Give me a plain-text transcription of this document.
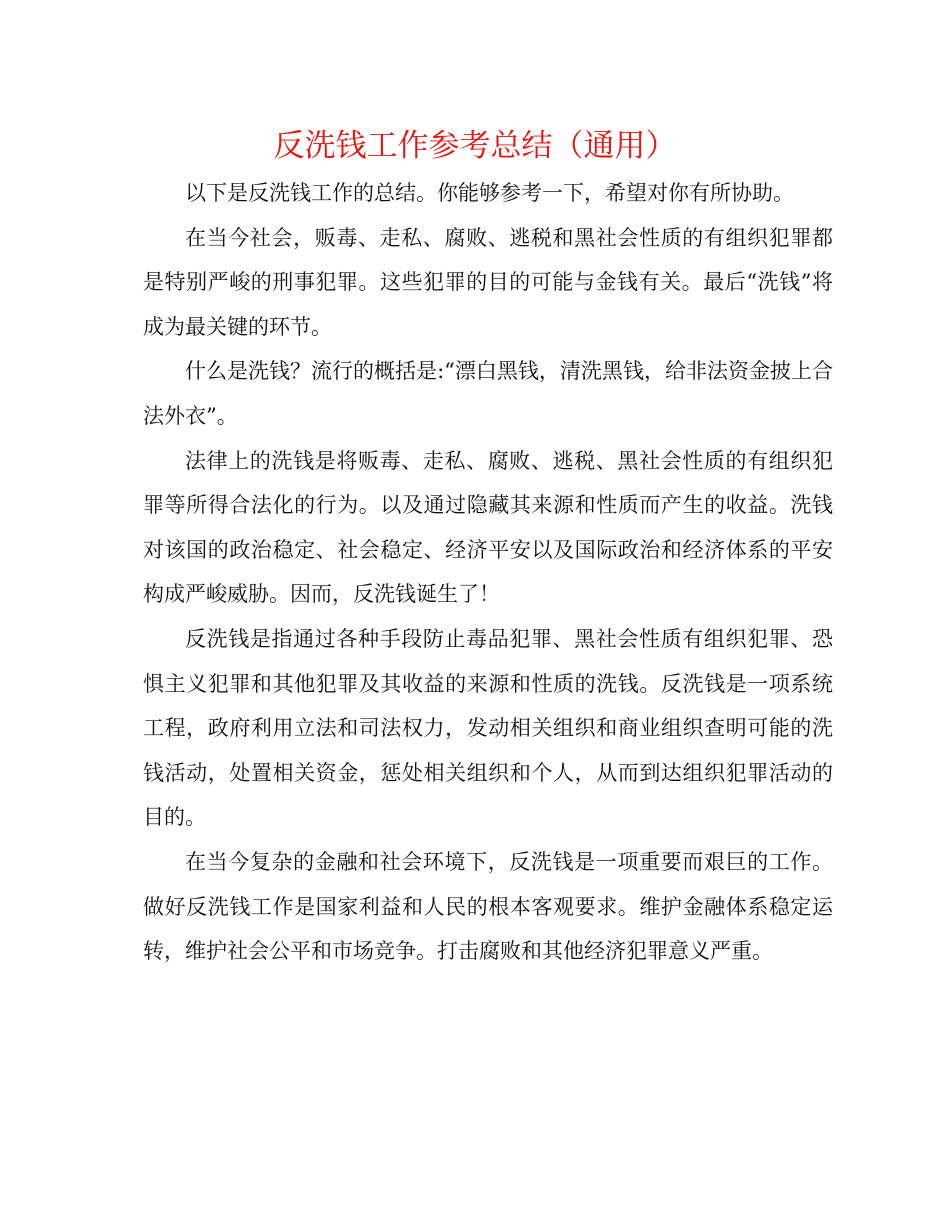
反洗钱工作参考总结（通用）

以下是反洗钱工作的总结。你能够参考一下，希望对你有所协助。

在当今社会，贩毒、走私、腐败、逃税和黑社会性质的有组织犯罪都是特别严峻的刑事犯罪。这些犯罪的目的可能与金钱有关。最后“洗钱”将成为最关键的环节。

什么是洗钱？流行的概括是:“漂白黑钱，清洗黑钱，给非法资金披上合法外衣”。

法律上的洗钱是将贩毒、走私、腐败、逃税、黑社会性质的有组织犯罪等所得合法化的行为。以及通过隐藏其来源和性质而产生的收益。洗钱对该国的政治稳定、社会稳定、经济平安以及国际政治和经济体系的平安构成严峻威胁。因而，反洗钱诞生了！

反洗钱是指通过各种手段防止毒品犯罪、黑社会性质有组织犯罪、恐惧主义犯罪和其他犯罪及其收益的来源和性质的洗钱。反洗钱是一项系统工程，政府利用立法和司法权力，发动相关组织和商业组织查明可能的洗钱活动，处置相关资金，惩处相关组织和个人，从而到达组织犯罪活动的目的。

在当今复杂的金融和社会环境下，反洗钱是一项重要而艰巨的工作。做好反洗钱工作是国家利益和人民的根本客观要求。维护金融体系稳定运转，维护社会公平和市场竞争。打击腐败和其他经济犯罪意义严重。
